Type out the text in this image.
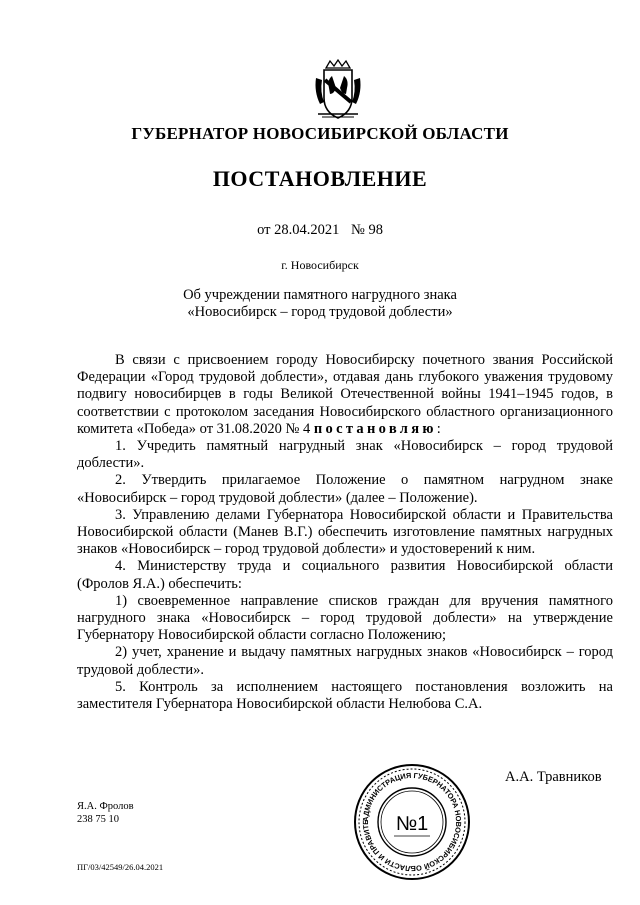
ГУБЕРНАТОР НОВОСИБИРСКОЙ ОБЛАСТИ
ПОСТАНОВЛЕНИЕ
от 28.04.2021 № 98
г. Новосибирск
Об учреждении памятного нагрудного знака
«Новосибирск – город трудовой доблести»

В связи с присвоением городу Новосибирску почетного звания Российской Федерации «Город трудовой доблести», отдавая дань глубокого уважения трудовому подвигу новосибирцев в годы Великой Отечественной войны 1941–1945 годов, в соответствии с протоколом заседания Новосибирского областного организационного комитета «Победа» от 31.08.2020 № 4 постановляю:

1. Учредить памятный нагрудный знак «Новосибирск – город трудовой доблести».

2. Утвердить прилагаемое Положение о памятном нагрудном знаке «Новосибирск – город трудовой доблести» (далее – Положение).

3. Управлению делами Губернатора Новосибирской области и Правительства Новосибирской области (Манев В.Г.) обеспечить изготовление памятных нагрудных знаков «Новосибирск – город трудовой доблести» и удостоверений к ним.

4. Министерству труда и социального развития Новосибирской области (Фролов Я.А.) обеспечить:

1) своевременное направление списков граждан для вручения памятного нагрудного знака «Новосибирск – город трудовой доблести» на утверждение Губернатору Новосибирской области согласно Положению;

2) учет, хранение и выдачу памятных нагрудных знаков «Новосибирск – город трудовой доблести».

5. Контроль за исполнением настоящего постановления возложить на заместителя Губернатора Новосибирской области Нелюбова С.А.

АДМИНИСТРАЦИЯ ГУБЕРНАТОРА НОВОСИБИРСКОЙ ОБЛАСТИ И ПРАВИТЕ	№1
А.А. Травников
Я.А. Фролов
238 75 10
ПГ/03/42549/26.04.2021
